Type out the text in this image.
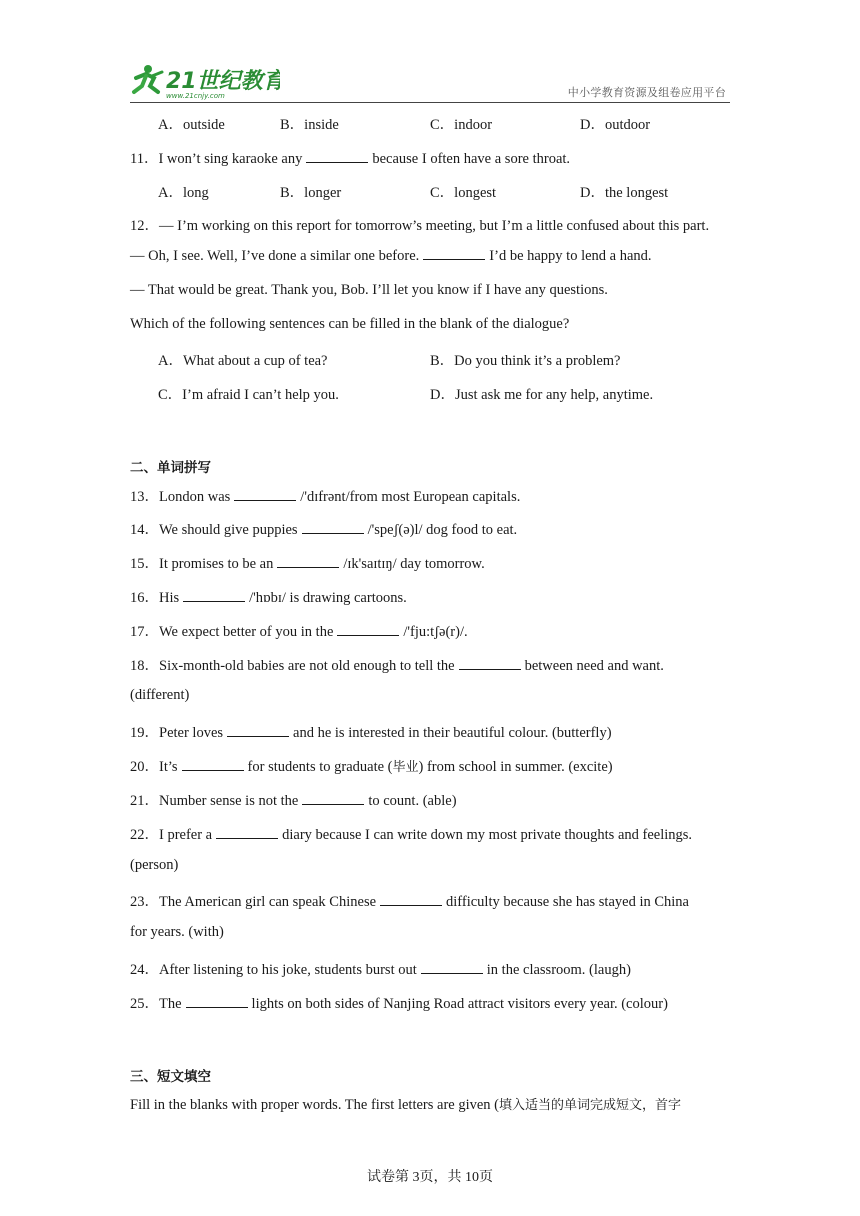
21世纪教育
www.21cnjy.com	中小学教育资源及组卷应用平台
A．outside	B．inside	C．indoor	D．outdoor
11．I won’t sing karaoke any	because I often have a sore throat.
A．long	B．longer	C．longest	D．the longest
12．— I’m working on this report for tomorrow’s meeting, but I’m a little confused about this part.
— Oh, I see. Well, I’ve done a similar one before.	I’d be happy to lend a hand.
— That would be great. Thank you, Bob. I’ll let you know if I have any questions.
Which of the following sentences can be filled in the blank of the dialogue?
A．What about a cup of tea?	B．Do you think it’s a problem?
C．I’m afraid I can’t help you.	D．Just ask me for any help, anytime.
二、单词拼写
13．London was	/'dɪfrənt/from most European capitals.
14．We should give puppies	/'speʃ(ə)l/ dog food to eat.
15．It promises to be an	/ɪk'saɪtɪŋ/ day tomorrow.
16．His	/'hɒbɪ/ is drawing cartoons.
17．We expect better of you in the	/'fju:tʃə(r)/.
18．Six-month-old babies are not old enough to tell the	between need and want.
(different)
19．Peter loves	and he is interested in their beautiful colour. (butterfly)
20．It’s	for students to graduate (毕业) from school in summer. (excite)
21．Number sense is not the	to count. (able)
22．I prefer a	diary because I can write down my most private thoughts and feelings.
(person)
23．The American girl can speak Chinese	difficulty because she has stayed in China
for years. (with)
24．After listening to his joke, students burst out	in the classroom. (laugh)
25．The	lights on both sides of Nanjing Road attract visitors every year. (colour)
三、短文填空
Fill in the blanks with proper words. The first letters are given (填入适当的单词完成短文，首字
试卷第 3页，共 10页
